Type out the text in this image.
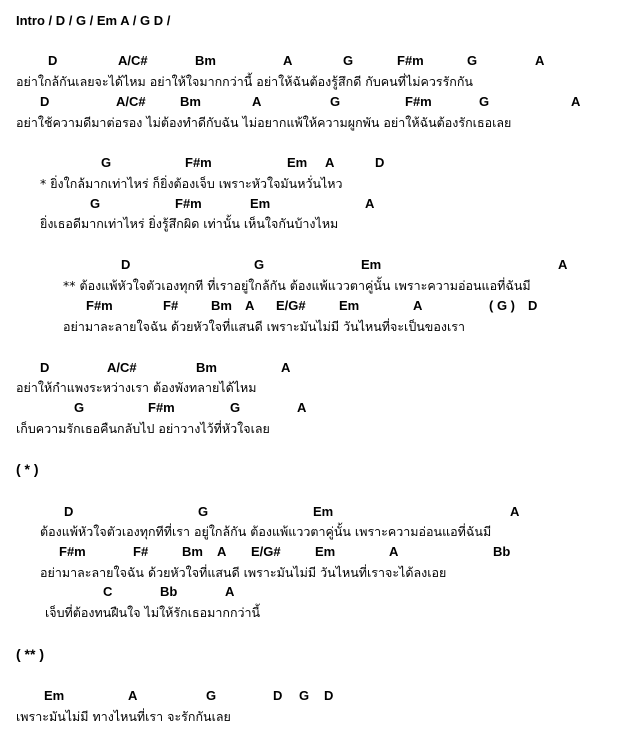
Intro / D / G / Em A / G D /
D	A/C#	Bm	A	G	F#m	G	A
อย่าใกล้กันเลยจะได้ไหม อย่าให้ใจมากกว่านี้ อย่าให้ฉันต้องรู้สึกดี กับคนที่ไม่ควรรักกัน
D	A/C#	Bm	A	G	F#m	G	A
อย่าใช้ความดีมาต่อรอง ไม่ต้องทำดีกับฉัน ไม่อยากแพ้ให้ความผูกพัน อย่าให้ฉันต้องรักเธอเลย
G	F#m	Em A	D
* ยิ่งใกล้มากเท่าไหร่ ก็ยิ่งต้องเจ็บ เพราะหัวใจมันหวั่นไหว
G	F#m	Em	A
ยิ่งเธอดีมากเท่าไหร่ ยิ่งรู้สึกผิด เท่านั้น เห็นใจกันบ้างไหม
D	G	Em	A
** ต้องแพ้หัวใจตัวเองทุกที ที่เราอยู่ใกล้กัน ต้องแพ้แววตาคู่นั้น เพราะความอ่อนแอที่ฉันมี
F#m	F#	Bm A E/G#	Em	A	( G ) D
อย่ามาละลายใจฉัน ด้วยหัวใจที่แสนดี เพราะมันไม่มี วันไหนที่จะเป็นของเรา
D	A/C#	Bm	A
อย่าให้กำแพงระหว่างเรา ต้องพังทลายได้ไหม
G	F#m	G	A
เก็บความรักเธอคืนกลับไป อย่าวางไว้ที่หัวใจเลย
( * )
D	G	Em	A
ต้องแพ้หัวใจตัวเองทุกทีที่เรา อยู่ใกล้กัน ต้องแพ้แววตาคู่นั้น เพราะความอ่อนแอที่ฉันมี
F#m	F#	Bm A E/G#	Em	A	Bb
อย่ามาละลายใจฉัน ด้วยหัวใจที่แสนดี เพราะมันไม่มี วันไหนที่เราจะได้ลงเอย
C	Bb	A
เจ็บที่ต้องทนฝืนใจ ไม่ให้รักเธอมากกว่านี้
( ** )
Em	A	G	D G D
เพราะมันไม่มี ทางไหนที่เรา จะรักกันเลย
